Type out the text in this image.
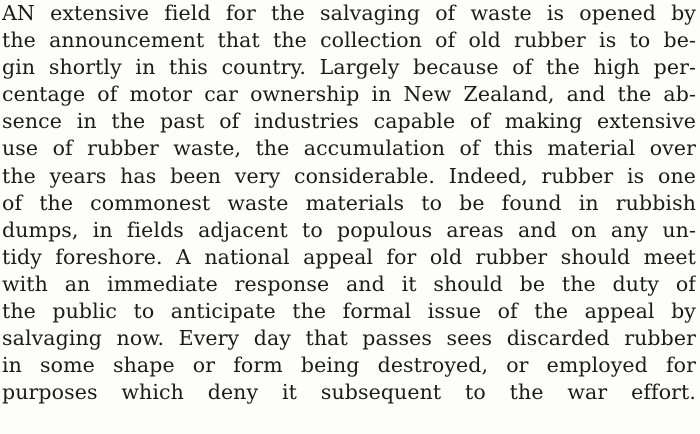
AN extensive field for the salvaging of waste is opened by
the announcement that the collection of old rubber is to be-
gin shortly in this country. Largely because of the high per-
centage of motor car ownership in New Zealand, and the ab-
sence in the past of industries capable of making extensive
use of rubber waste, the accumulation of this material over
the years has been very considerable. Indeed, rubber is one
of the commonest waste materials to be found in rubbish
dumps, in fields adjacent to populous areas and on any un-
tidy foreshore. A national appeal for old rubber should meet
with an immediate response and it should be the duty of
the public to anticipate the formal issue of the appeal by
salvaging now. Every day that passes sees discarded rubber
in some shape or form being destroyed, or employed for
purposes which deny it subsequent to the war effort.
